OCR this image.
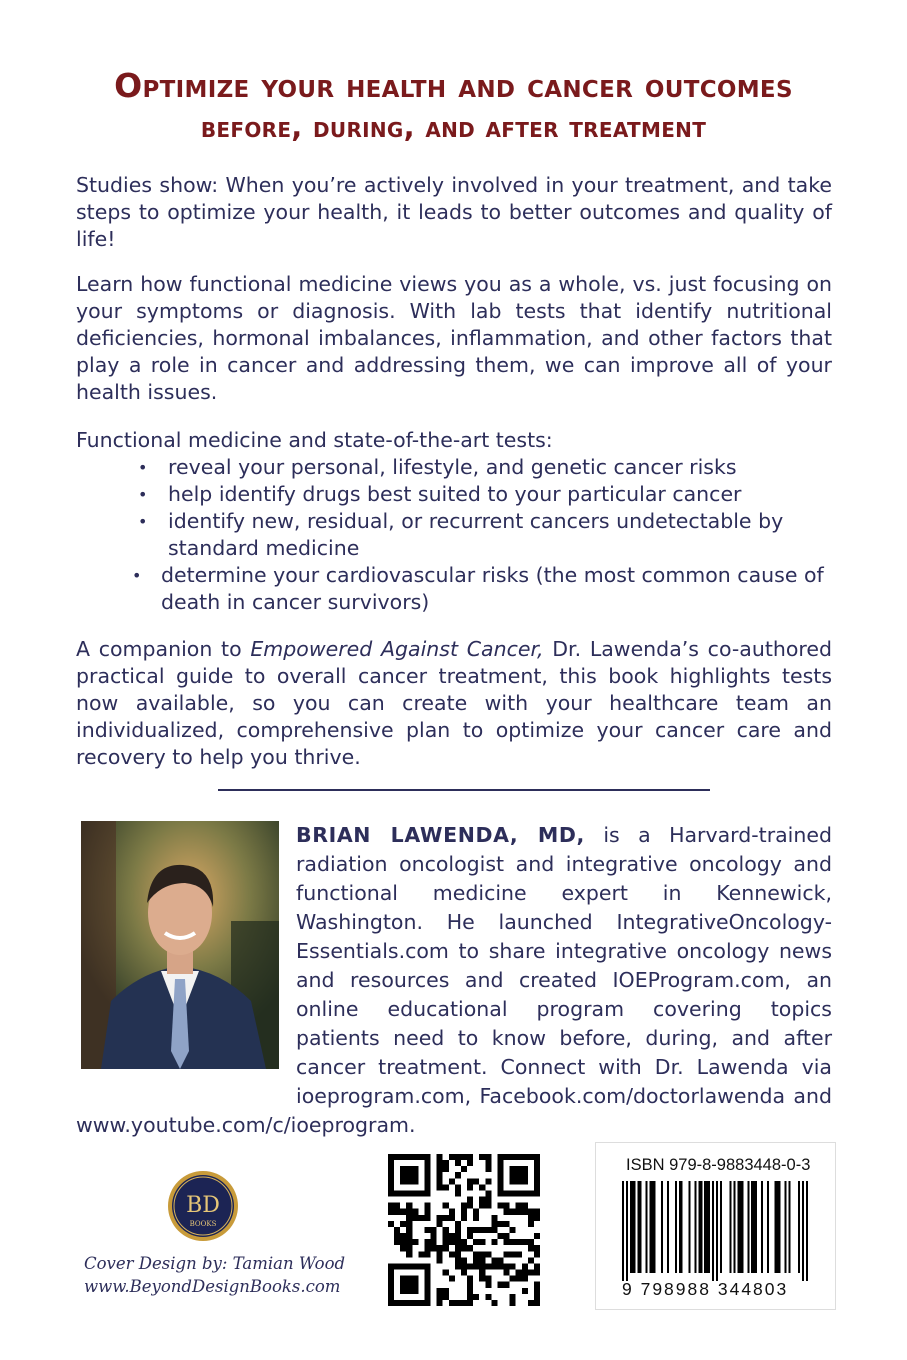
Optimize your health and cancer outcomes
before, during, and after treatment

Studies show: When you’re actively involved in your treatment, and take steps to optimize your health, it leads to better outcomes and quality of life!

Learn how functional medicine views you as a whole, vs. just focusing on your symptoms or diagnosis. With lab tests that identify nutritional deficiencies, hormonal imbalances, inflammation, and other factors that play a role in cancer and addressing them, we can improve all of your health issues.

Functional medicine and state-of-the-art tests:

• reveal your personal, lifestyle, and genetic cancer risks
• help identify drugs best suited to your particular cancer
• identify new, residual, or recurrent cancers undetectable by standard medicine
• determine your cardiovascular risks (the most common cause of death in cancer survivors)

A companion to Empowered Against Cancer, Dr. Lawenda’s co-authored practical guide to overall cancer treatment, this book highlights tests now available, so you can create with your healthcare team an individualized, comprehensive plan to optimize your cancer care and recovery to help you thrive.

BRIAN LAWENDA, MD, is a Harvard-trained radiation oncologist and integrative oncology and functional medicine expert in Kennewick, Washington. He launched IntegrativeOncology-Essentials.com to share integrative oncology news and resources and created IOEProgram.com, an online educational program covering topics patients need to know before, during, and after cancer treatment. Connect with Dr. Lawenda via ioeprogram.com, Facebook.com/doctorlawenda and www.youtube.com/c/ioeprogram.

BD
BOOKS
Cover Design by: Tamian Wood
www.BeyondDesignBooks.com
ISBN 979-8-9883448-0-3
9 798988 344803
